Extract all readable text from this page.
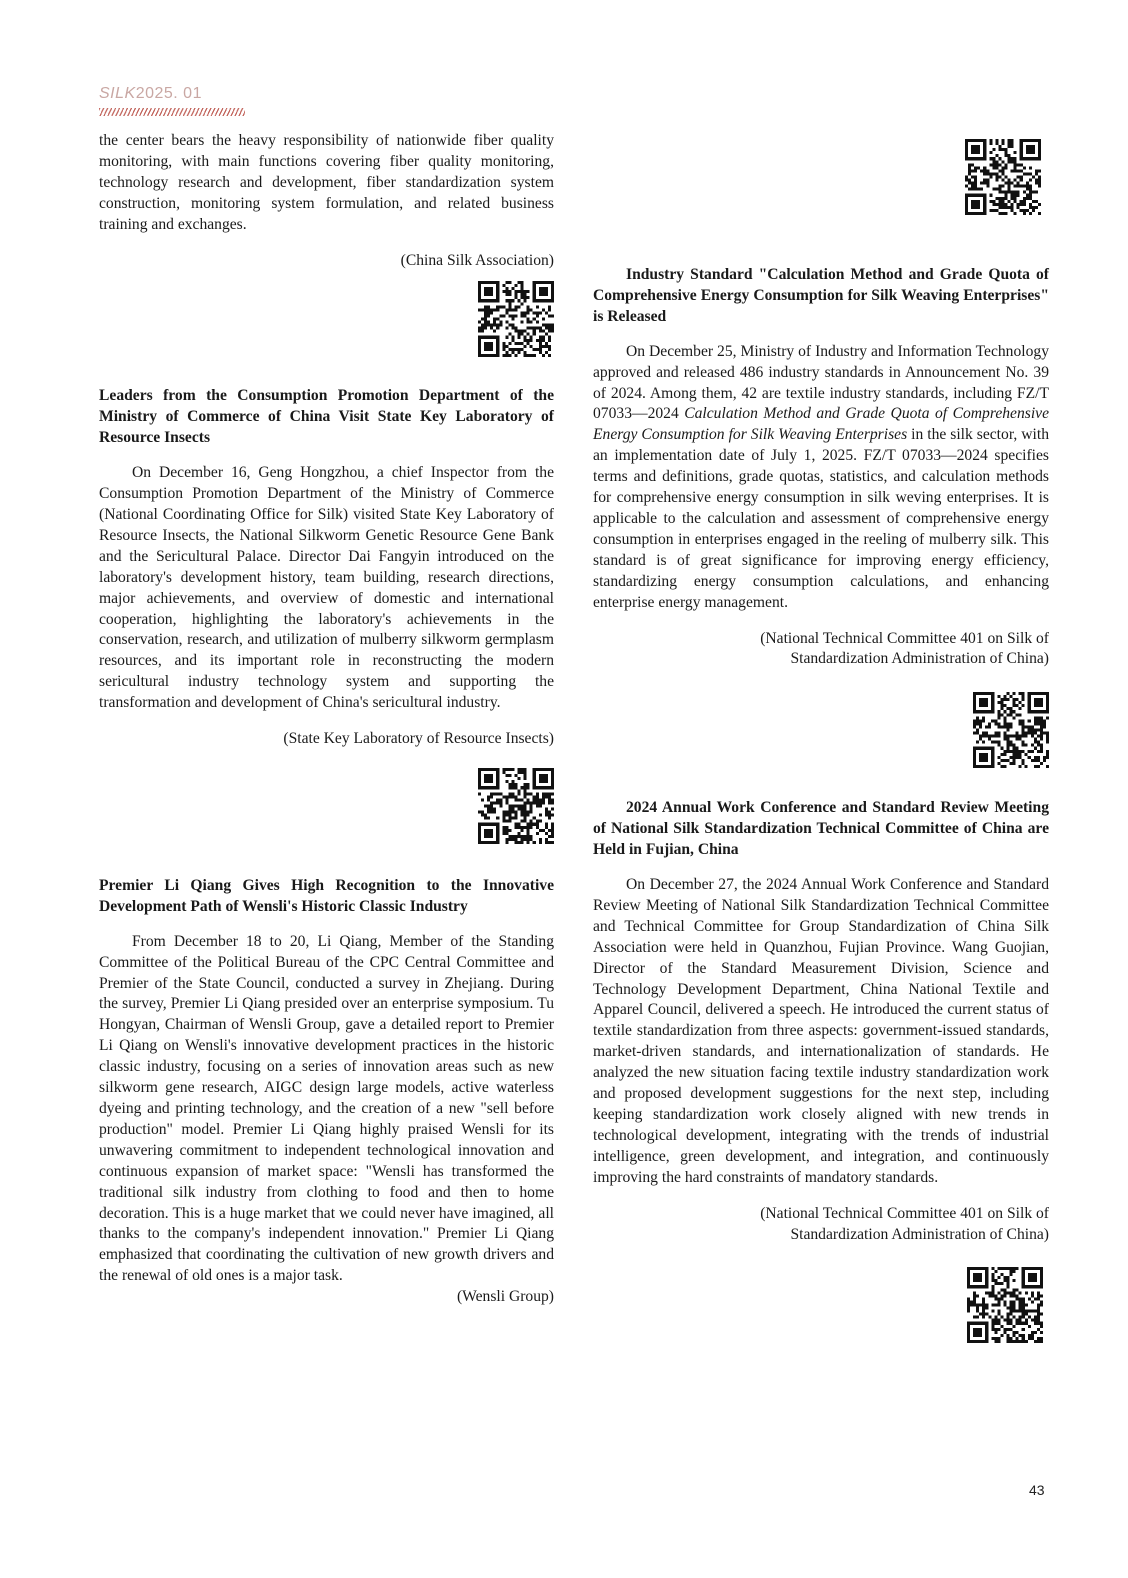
SILK2025. 01

the center bears the heavy responsibility of nationwide fiber quality monitoring, with main functions covering fiber quality monitoring, technology research and development, fiber standardization system construction, monitoring system formulation, and related business training and exchanges.

(China Silk Association)

Leaders from the Consumption Promotion Department of the Ministry of Commerce of China Visit State Key Laboratory of Resource Insects

On December 16, Geng Hongzhou, a chief Inspector from the Consumption Promotion Department of the Ministry of Commerce (National Coordinating Office for Silk) visited State Key Laboratory of Resource Insects, the National Silkworm Genetic Resource Gene Bank and the Sericultural Palace. Director Dai Fangyin introduced on the laboratory's development history, team building, research directions, major achievements, and overview of domestic and international cooperation, highlighting the laboratory's achievements in the conservation, research, and utilization of mulberry silkworm germplasm resources, and its important role in reconstructing the modern sericultural industry technology system and supporting the transformation and development of China's sericultural industry.

(State Key Laboratory of Resource Insects)

Premier Li Qiang Gives High Recognition to the Innovative Development Path of Wensli's Historic Classic Industry

From December 18 to 20, Li Qiang, Member of the Standing Committee of the Political Bureau of the CPC Central Committee and Premier of the State Council, conducted a survey in Zhejiang. During the survey, Premier Li Qiang presided over an enterprise symposium. Tu Hongyan, Chairman of Wensli Group, gave a detailed report to Premier Li Qiang on Wensli's innovative development practices in the historic classic industry, focusing on a series of innovation areas such as new silkworm gene research, AIGC design large models, active waterless dyeing and printing technology, and the creation of a new "sell before production" model. Premier Li Qiang highly praised Wensli for its unwavering commitment to independent technological innovation and continuous expansion of market space: "Wensli has transformed the traditional silk industry from clothing to food and then to home decoration. This is a huge market that we could never have imagined, all thanks to the company's independent innovation." Premier Li Qiang emphasized that coordinating the cultivation of new growth drivers and the renewal of old ones is a major task.

(Wensli Group)

Industry Standard "Calculation Method and Grade Quota of Comprehensive Energy Consumption for Silk Weaving Enterprises" is Released

On December 25, Ministry of Industry and Information Technology approved and released 486 industry standards in Announcement No. 39 of 2024. Among them, 42 are textile industry standards, including FZ/T 07033—2024 Calculation Method and Grade Quota of Comprehensive Energy Consumption for Silk Weaving Enterprises in the silk sector, with an implementation date of July 1, 2025. FZ/T 07033—2024 specifies terms and definitions, grade quotas, statistics, and calculation methods for comprehensive energy consumption in silk weving enterprises. It is applicable to the calculation and assessment of comprehensive energy consumption in enterprises engaged in the reeling of mulberry silk. This standard is of great significance for improving energy efficiency, standardizing energy consumption calculations, and enhancing enterprise energy management.

(National Technical Committee 401 on Silk of
Standardization Administration of China)

2024 Annual Work Conference and Standard Review Meeting of National Silk Standardization Technical Committee of China are Held in Fujian, China

On December 27, the 2024 Annual Work Conference and Standard Review Meeting of National Silk Standardization Technical Committee and Technical Committee for Group Standardization of China Silk Association were held in Quanzhou, Fujian Province. Wang Guojian, Director of the Standard Measurement Division, Science and Technology Development Department, China National Textile and Apparel Council, delivered a speech. He introduced the current status of textile standardization from three aspects: government-issued standards, market-driven standards, and internationalization of standards. He analyzed the new situation facing textile industry standardization work and proposed development suggestions for the next step, including keeping standardization work closely aligned with new trends in technological development, integrating with the trends of industrial intelligence, green development, and integration, and continuously improving the hard constraints of mandatory standards.

(National Technical Committee 401 on Silk of
Standardization Administration of China)

43
